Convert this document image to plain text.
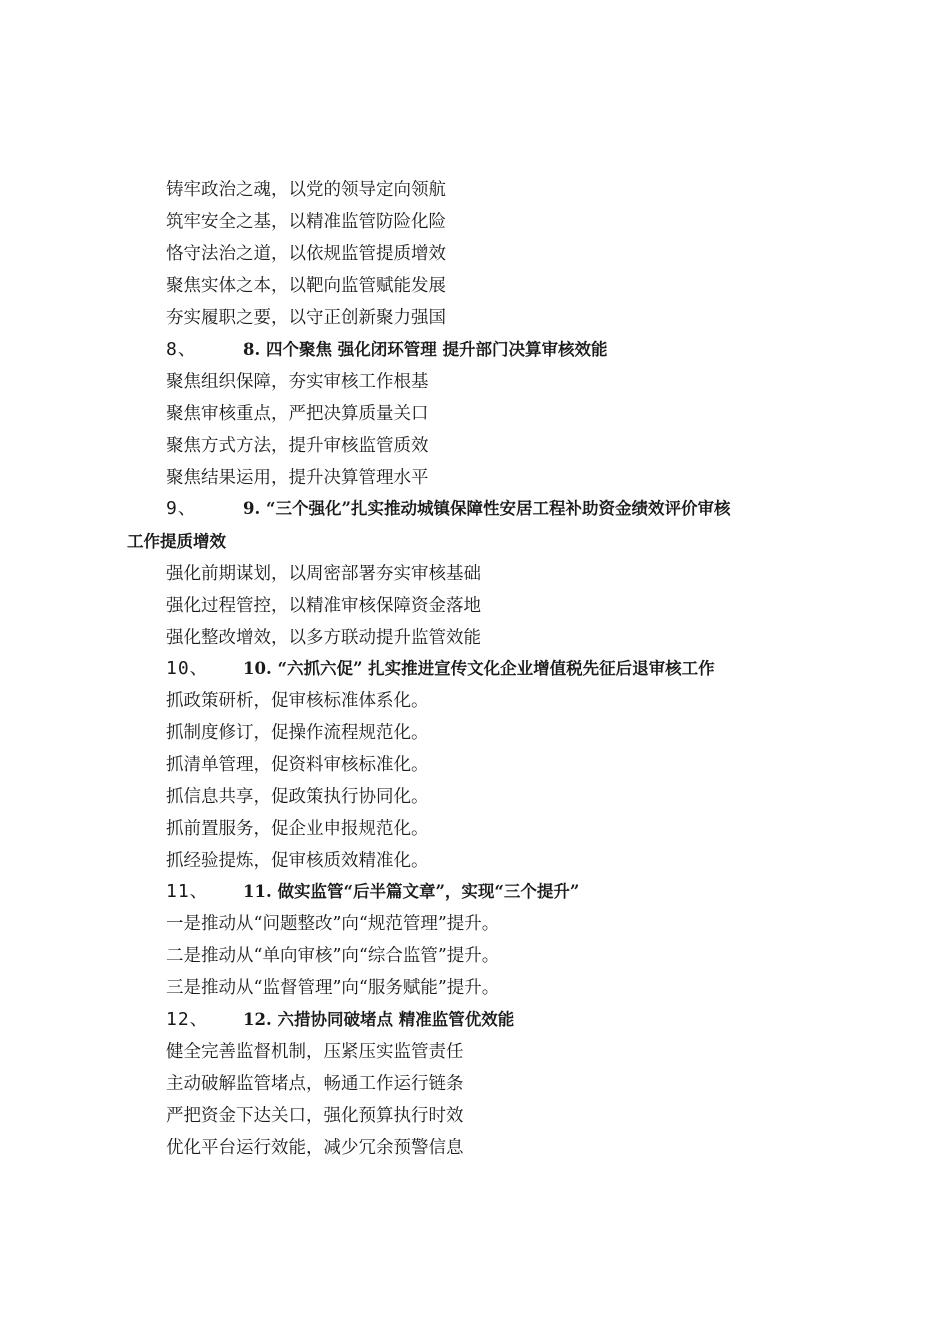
铸牢政治之魂，以党的领导定向领航
筑牢安全之基，以精准监管防险化险
恪守法治之道，以依规监管提质增效
聚焦实体之本，以靶向监管赋能发展
夯实履职之要，以守正创新聚力强国
8、	8. 四个聚焦 强化闭环管理 提升部门决算审核效能
聚焦组织保障，夯实审核工作根基
聚焦审核重点，严把决算质量关口
聚焦方式方法，提升审核监管质效
聚焦结果运用，提升决算管理水平
9、	9. “三个强化”扎实推动城镇保障性安居工程补助资金绩效评价审核
工作提质增效
强化前期谋划，以周密部署夯实审核基础
强化过程管控，以精准审核保障资金落地
强化整改增效，以多方联动提升监管效能
10、 10. “六抓六促” 扎实推进宣传文化企业增值税先征后退审核工作
抓政策研析，促审核标准体系化。
抓制度修订，促操作流程规范化。
抓清单管理，促资料审核标准化。
抓信息共享，促政策执行协同化。
抓前置服务，促企业申报规范化。
抓经验提炼，促审核质效精准化。
11、 11. 做实监管“后半篇文章”，实现“三个提升”
一是推动从“问题整改”向“规范管理”提升。
二是推动从“单向审核”向“综合监管”提升。
三是推动从“监督管理”向“服务赋能”提升。
12、 12. 六措协同破堵点 精准监管优效能
健全完善监督机制，压紧压实监管责任
主动破解监管堵点，畅通工作运行链条
严把资金下达关口，强化预算执行时效
优化平台运行效能，减少冗余预警信息
